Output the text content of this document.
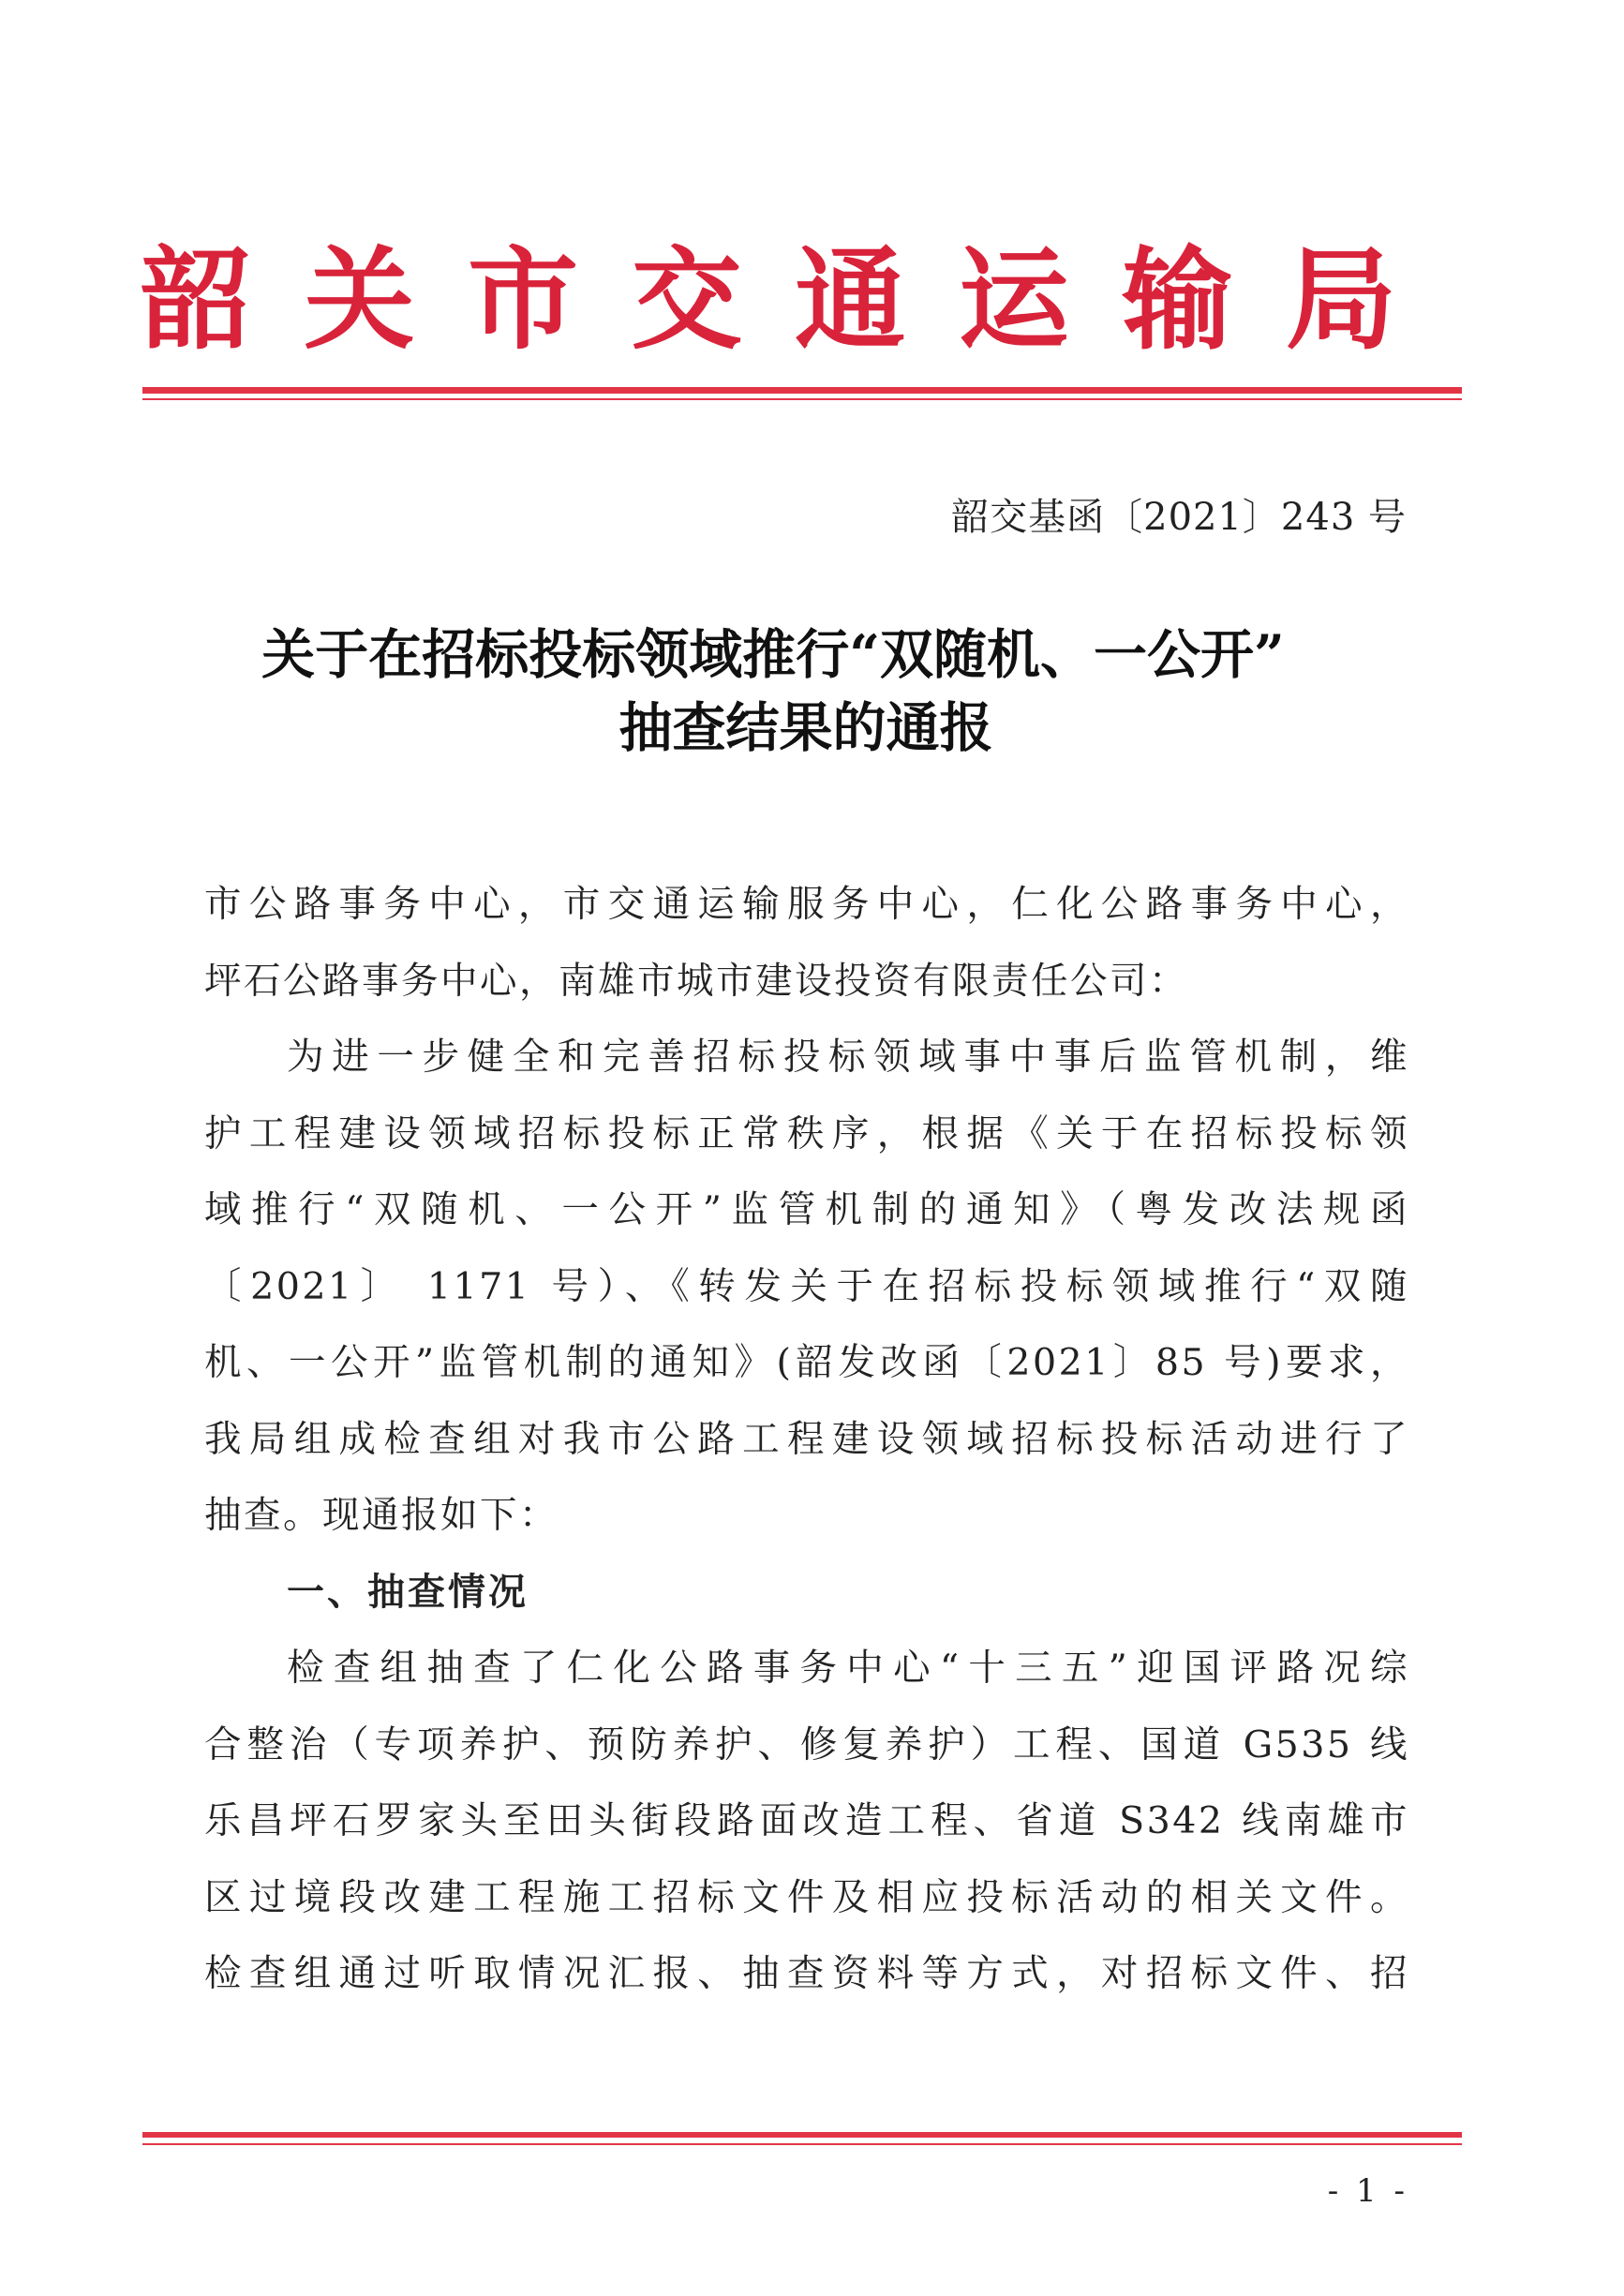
韶 关 市 交 通 运 输 局
韶交基函〔2021〕243 号
关于在招标投标领域推行“双随机、一公开”
抽查结果的通报
市公路事务中心，市交通运输服务中心，仁化公路事务中心，
坪石公路事务中心，南雄市城市建设投资有限责任公司：
为进一步健全和完善招标投标领域事中事后监管机制，维
护工程建设领域招标投标正常秩序，根据《关于在招标投标领
域推行“双随机、一公开”监管机制的通知》（粤发改法规函
〔2021〕 1171 号）、《转发关于在招标投标领域推行“双随
机、一公开”监管机制的通知》(韶发改函〔2021〕85 号)要求，
我局组成检查组对我市公路工程建设领域招标投标活动进行了
抽查。现通报如下：
一、抽查情况
检查组抽查了仁化公路事务中心“十三五”迎国评路况综
合整治（专项养护、预防养护、修复养护）工程、国道 G535 线
乐昌坪石罗家头至田头街段路面改造工程、省道 S342 线南雄市
区过境段改建工程施工招标文件及相应投标活动的相关文件。
检查组通过听取情况汇报、抽查资料等方式，对招标文件、招
- 1 -
